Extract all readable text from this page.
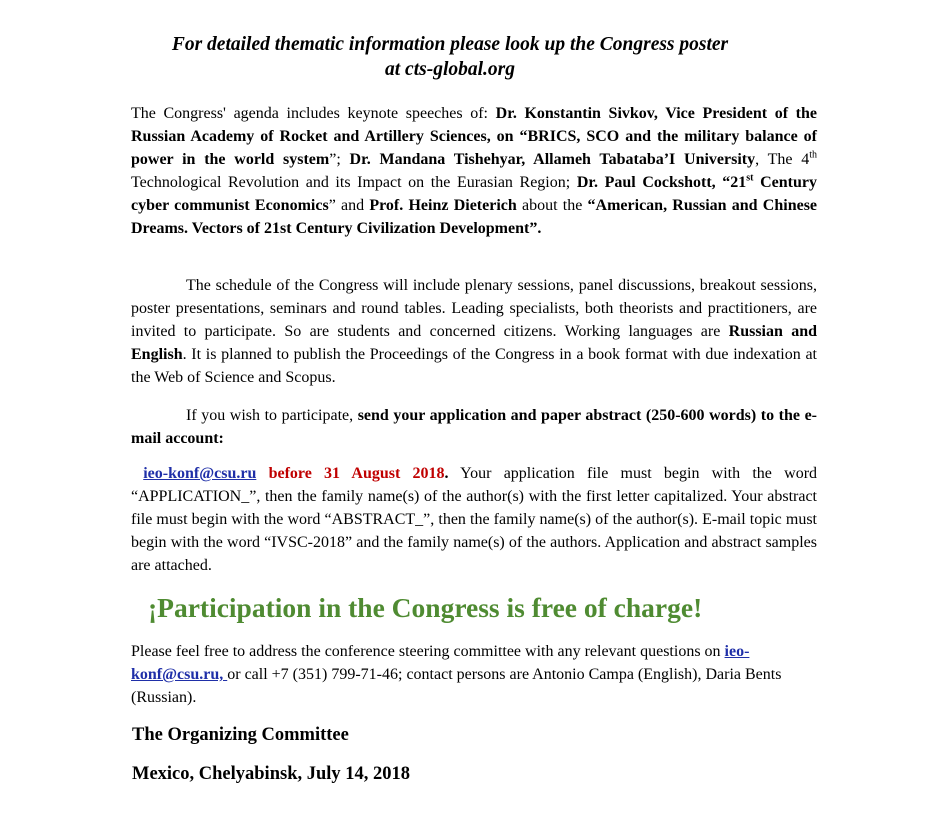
For detailed thematic information please look up the Congress poster
at cts-global.org
The Congress' agenda includes keynote speeches of: Dr. Konstantin Sivkov, Vice President of the Russian Academy of Rocket and Artillery Sciences, on “BRICS, SCO and the military balance of power in the world system”; Dr. Mandana Tishehyar, Allameh Tabataba’I University, The 4th Technological Revolution and its Impact on the Eurasian Region; Dr. Paul Cockshott, “21st Century cyber communist Economics” and Prof. Heinz Dieterich about the “American, Russian and Chinese Dreams. Vectors of 21st Century Civilization Development”.
The schedule of the Congress will include plenary sessions, panel discussions, breakout sessions, poster presentations, seminars and round tables. Leading specialists, both theorists and practitioners, are invited to participate. So are students and concerned citizens. Working languages are Russian and English. It is planned to publish the Proceedings of the Congress in a book format with due indexation at the Web of Science and Scopus.
If you wish to participate, send your application and paper abstract (250-600 words) to the e-mail account:
ieo-konf@csu.ru before 31 August 2018. Your application file must begin with the word “APPLICATION_”, then the family name(s) of the author(s) with the first letter capitalized. Your abstract file must begin with the word “ABSTRACT_”, then the family name(s) of the author(s). E-mail topic must begin with the word “IVSC-2018” and the family name(s) of the authors. Application and abstract samples are attached.
¡Participation in the Congress is free of charge!
Please feel free to address the conference steering committee with any relevant questions on ieo-konf@csu.ru, or call +7 (351) 799-71-46; contact persons are Antonio Campa (English), Daria Bents (Russian).
The Organizing Committee
Mexico, Chelyabinsk, July 14, 2018
